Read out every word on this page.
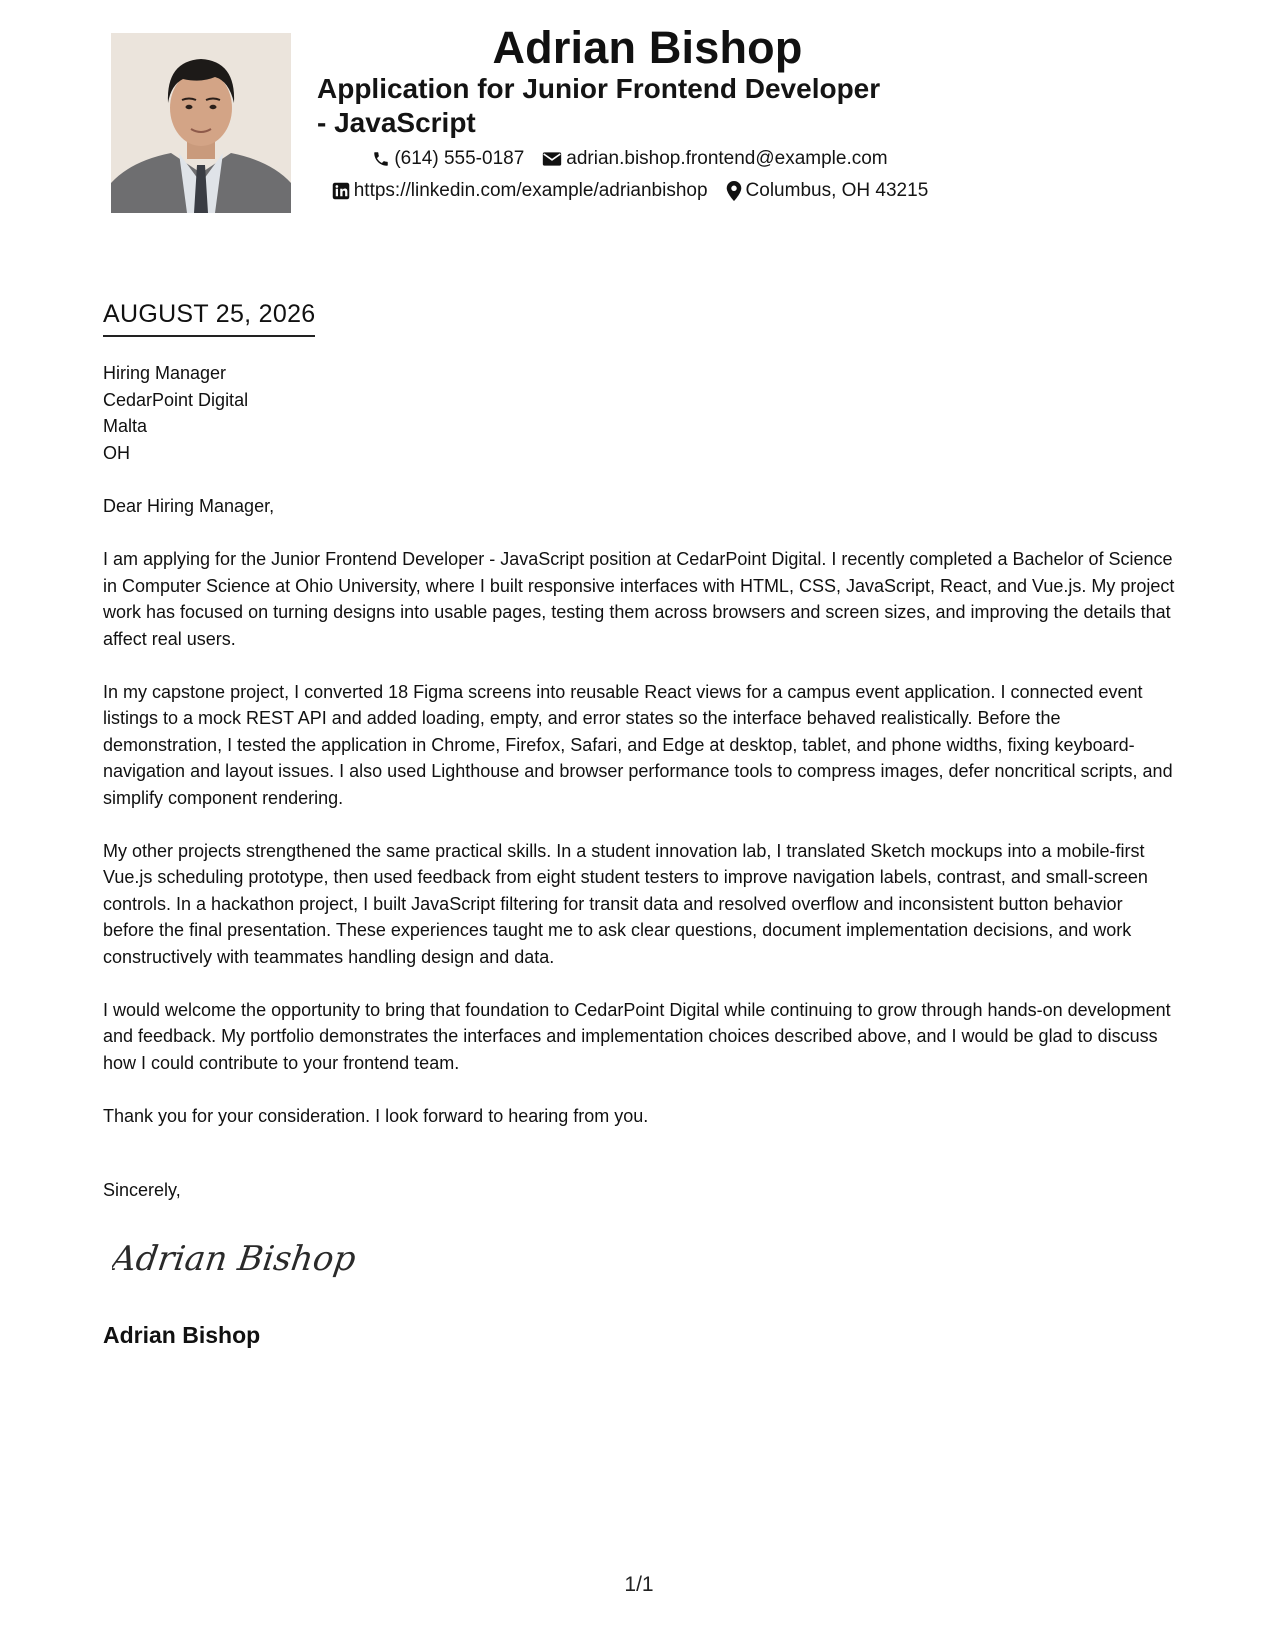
Adrian Bishop
Application for Junior Frontend Developer - JavaScript
(614) 555-0187 adrian.bishop.frontend@example.com
https://linkedin.com/example/adrianbishop Columbus, OH 43215
AUGUST 25, 2026
Hiring Manager
CedarPoint Digital
Malta
OH

Dear Hiring Manager,

I am applying for the Junior Frontend Developer - JavaScript position at CedarPoint Digital. I recently completed a Bachelor of Science in Computer Science at Ohio University, where I built responsive interfaces with HTML, CSS, JavaScript, React, and Vue.js. My project work has focused on turning designs into usable pages, testing them across browsers and screen sizes, and improving the details that affect real users.

In my capstone project, I converted 18 Figma screens into reusable React views for a campus event application. I connected event listings to a mock REST API and added loading, empty, and error states so the interface behaved realistically. Before the demonstration, I tested the application in Chrome, Firefox, Safari, and Edge at desktop, tablet, and phone widths, fixing keyboard-navigation and layout issues. I also used Lighthouse and browser performance tools to compress images, defer noncritical scripts, and simplify component rendering.

My other projects strengthened the same practical skills. In a student innovation lab, I translated Sketch mockups into a mobile-first Vue.js scheduling prototype, then used feedback from eight student testers to improve navigation labels, contrast, and small-screen controls. In a hackathon project, I built JavaScript filtering for transit data and resolved overflow and inconsistent button behavior before the final presentation. These experiences taught me to ask clear questions, document implementation decisions, and work constructively with teammates handling design and data.

I would welcome the opportunity to bring that foundation to CedarPoint Digital while continuing to grow through hands-on development and feedback. My portfolio demonstrates the interfaces and implementation choices described above, and I would be glad to discuss how I could contribute to your frontend team.

Thank you for your consideration. I look forward to hearing from you.

Sincerely,
Adrian Bishop
Adrian Bishop
1/1
